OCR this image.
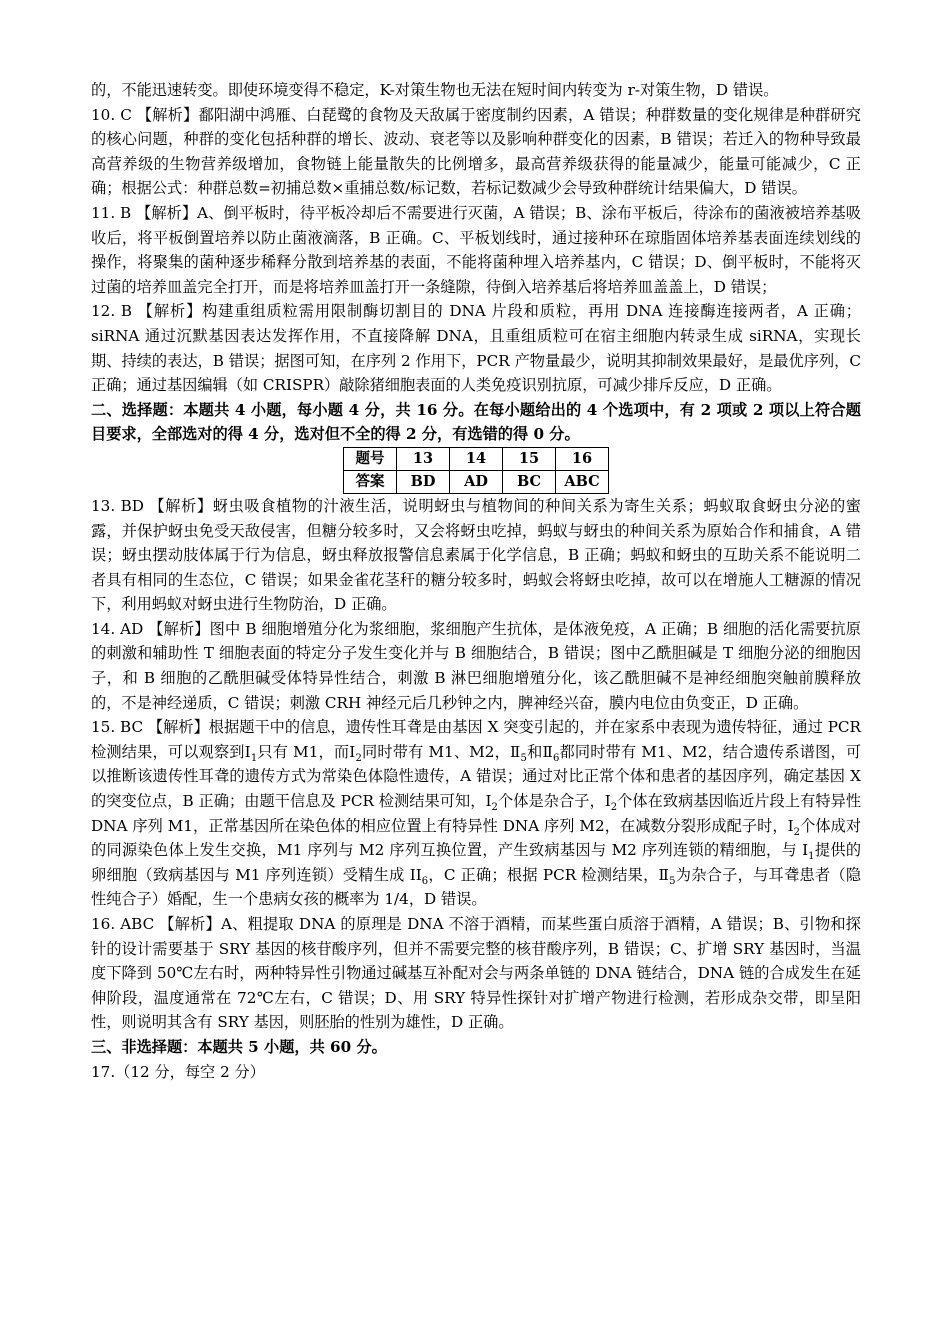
的，不能迅速转变。即使环境变得不稳定，K-对策生物也无法在短时间内转变为 r-对策生物，D 错误。

10. C 【解析】鄱阳湖中鸿雁、白琵鹭的食物及天敌属于密度制约因素，A 错误；种群数量的变化规律是种群研究的核心问题，种群的变化包括种群的增长、波动、衰老等以及影响种群变化的因素，B 错误；若迁入的物种导致最高营养级的生物营养级增加，食物链上能量散失的比例增多，最高营养级获得的能量减少，能量可能减少，C 正确；根据公式：种群总数=初捕总数×重捕总数/标记数，若标记数减少会导致种群统计结果偏大，D 错误。

11. B 【解析】A、倒平板时，待平板冷却后不需要进行灭菌，A 错误；B、涂布平板后，待涂布的菌液被培养基吸收后，将平板倒置培养以防止菌液滴落，B 正确。C、平板划线时，通过接种环在琼脂固体培养基表面连续划线的操作，将聚集的菌种逐步稀释分散到培养基的表面，不能将菌种埋入培养基内，C 错误；D、倒平板时，不能将灭过菌的培养皿盖完全打开，而是将培养皿盖打开一条缝隙，待倒入培养基后将培养皿盖盖上，D 错误；

12. B 【解析】构建重组质粒需用限制酶切割目的 DNA 片段和质粒，再用 DNA 连接酶连接两者，A 正确；siRNA 通过沉默基因表达发挥作用，不直接降解 DNA，且重组质粒可在宿主细胞内转录生成 siRNA，实现长期、持续的表达，B 错误；据图可知，在序列 2 作用下，PCR 产物量最少，说明其抑制效果最好，是最优序列，C 正确；通过基因编辑（如 CRISPR）敲除猪细胞表面的人类免疫识别抗原，可减少排斥反应，D 正确。

二、选择题：本题共 4 小题，每小题 4 分，共 16 分。在每小题给出的 4 个选项中，有 2 项或 2 项以上符合题目要求，全部选对的得 4 分，选对但不全的得 2 分，有选错的得 0 分。

题号	13	14	15	16
答案	BD	AD	BC	ABC

13. BD 【解析】蚜虫吸食植物的汁液生活，说明蚜虫与植物间的种间关系为寄生关系；蚂蚁取食蚜虫分泌的蜜露，并保护蚜虫免受天敌侵害，但糖分较多时，又会将蚜虫吃掉，蚂蚁与蚜虫的种间关系为原始合作和捕食，A 错误；蚜虫摆动肢体属于行为信息，蚜虫释放报警信息素属于化学信息，B 正确；蚂蚁和蚜虫的互助关系不能说明二者具有相同的生态位，C 错误；如果金雀花茎秆的糖分较多时，蚂蚁会将蚜虫吃掉，故可以在增施人工糖源的情况下，利用蚂蚁对蚜虫进行生物防治，D 正确。

14. AD 【解析】图中 B 细胞增殖分化为浆细胞，浆细胞产生抗体，是体液免疫，A 正确；B 细胞的活化需要抗原的刺激和辅助性 T 细胞表面的特定分子发生变化并与 B 细胞结合，B 错误；图中乙酰胆碱是 T 细胞分泌的细胞因子，和 B 细胞的乙酰胆碱受体特异性结合，刺激 B 淋巴细胞增殖分化，该乙酰胆碱不是神经细胞突触前膜释放的，不是神经递质，C 错误；刺激 CRH 神经元后几秒钟之内，脾神经兴奋，膜内电位由负变正，D 正确。

15. BC 【解析】根据题干中的信息，遗传性耳聋是由基因 X 突变引起的，并在家系中表现为遗传特征，通过 PCR 检测结果，可以观察到$Ⅰ_1$只有 M1，而$Ⅰ_2$同时带有 M1、M2，$Ⅱ_5$和$Ⅱ_6$都同时带有 M1、M2，结合遗传系谱图，可以推断该遗传性耳聋的遗传方式为常染色体隐性遗传，A 错误；通过对比正常个体和患者的基因序列，确定基因 X 的突变位点，B 正确；由题干信息及 PCR 检测结果可知，$I_2$个体是杂合子，$I_2$个体在致病基因临近片段上有特异性 DNA 序列 M1，正常基因所在染色体的相应位置上有特异性 DNA 序列 M2，在减数分裂形成配子时，$I_2$个体成对的同源染色体上发生交换，M1 序列与 M2 序列互换位置，产生致病基因与 M2 序列连锁的精细胞，与 $I_1$提供的卵细胞（致病基因与 M1 序列连锁）受精生成 $II_6$，C 正确；根据 PCR 检测结果，$Ⅱ_5$为杂合子，与耳聋患者（隐性纯合子）婚配，生一个患病女孩的概率为 1/4，D 错误。

16. ABC 【解析】A、粗提取 DNA 的原理是 DNA 不溶于酒精，而某些蛋白质溶于酒精，A 错误；B、引物和探针的设计需要基于 SRY 基因的核苷酸序列，但并不需要完整的核苷酸序列，B 错误；C、扩增 SRY 基因时，当温度下降到 50℃左右时，两种特异性引物通过碱基互补配对会与两条单链的 DNA 链结合，DNA 链的合成发生在延伸阶段，温度通常在 72℃左右，C 错误；D、用 SRY 特异性探针对扩增产物进行检测，若形成杂交带，即呈阳性，则说明其含有 SRY 基因，则胚胎的性别为雄性，D 正确。

三、非选择题：本题共 5 小题，共 60 分。

17.（12 分，每空 2 分）
